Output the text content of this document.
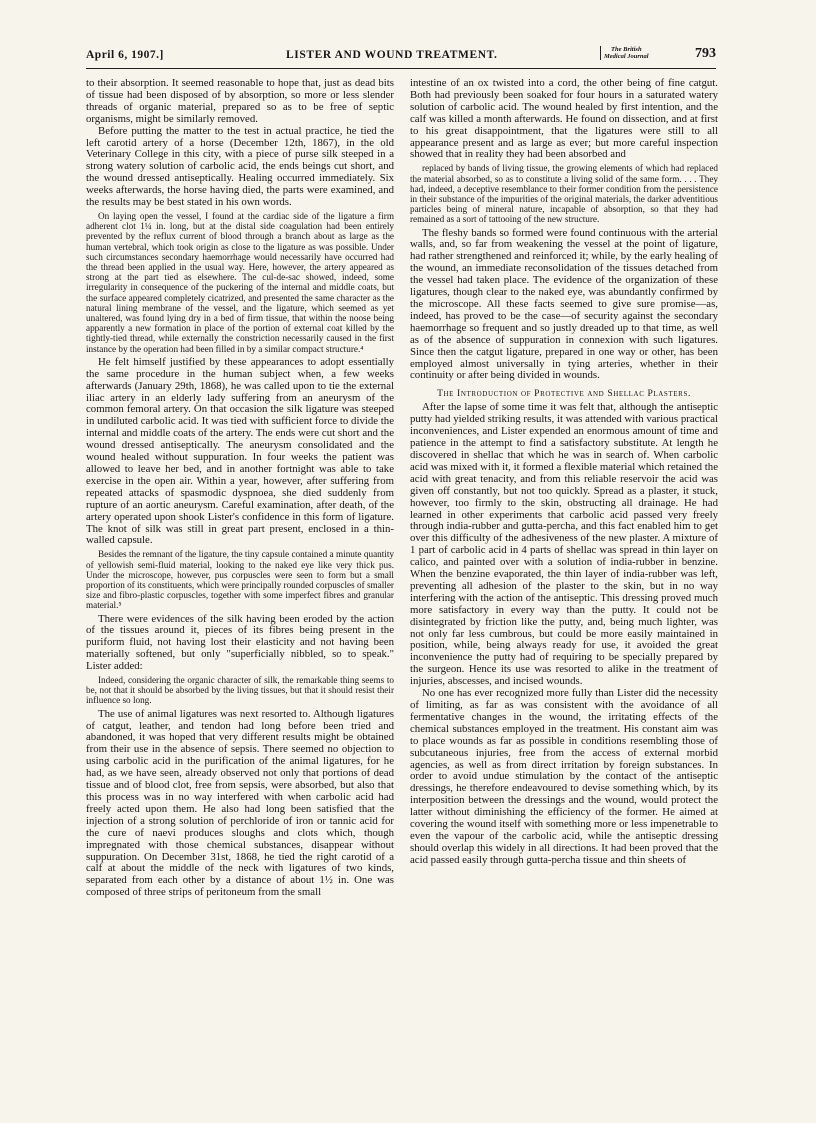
April 6, 1907.]	LISTER AND WOUND TREATMENT.	The British
Medical Journal	793

to their absorption. It seemed reasonable to hope that, just as dead bits of tissue had been disposed of by absorption, so more or less slender threads of organic material, prepared so as to be free of septic organisms, might be similarly removed.

Before putting the matter to the test in actual practice, he tied the left carotid artery of a horse (December 12th, 1867), in the old Veterinary College in this city, with a piece of purse silk steeped in a strong watery solution of carbolic acid, the ends beings cut short, and the wound dressed antiseptically. Healing occurred immediately. Six weeks afterwards, the horse having died, the parts were examined, and the results may be best stated in his own words.

On laying open the vessel, I found at the cardiac side of the ligature a firm adherent clot 1¼ in. long, but at the distal side coagulation had been entirely prevented by the reflux current of blood through a branch about as large as the human vertebral, which took origin as close to the ligature as was possible. Under such circumstances secondary haemorrhage would necessarily have occurred had the thread been applied in the usual way. Here, however, the artery appeared as strong at the part tied as elsewhere. The cul-de-sac showed, indeed, some irregularity in consequence of the puckering of the internal and middle coats, but the surface appeared completely cicatrized, and presented the same character as the natural lining membrane of the vessel, and the ligature, which seemed as yet unaltered, was found lying dry in a bed of firm tissue, that within the noose being apparently a new formation in place of the portion of external coat killed by the tightly-tied thread, while externally the constriction necessarily caused in the first instance by the operation had been filled in by a similar compact structure.⁴

He felt himself justified by these appearances to adopt essentially the same procedure in the human subject when, a few weeks afterwards (January 29th, 1868), he was called upon to tie the external iliac artery in an elderly lady suffering from an aneurysm of the common femoral artery. On that occasion the silk ligature was steeped in undiluted carbolic acid. It was tied with sufficient force to divide the internal and middle coats of the artery. The ends were cut short and the wound dressed antiseptically. The aneurysm consolidated and the wound healed without suppuration. In four weeks the patient was allowed to leave her bed, and in another fortnight was able to take exercise in the open air. Within a year, however, after suffering from repeated attacks of spasmodic dyspnoea, she died suddenly from rupture of an aortic aneurysm. Careful examination, after death, of the artery operated upon shook Lister's confidence in this form of ligature. The knot of silk was still in great part present, enclosed in a thin-walled capsule.

Besides the remnant of the ligature, the tiny capsule contained a minute quantity of yellowish semi-fluid material, looking to the naked eye like very thick pus. Under the microscope, however, pus corpuscles were seen to form but a small proportion of its constituents, which were principally rounded corpuscles of smaller size and fibro-plastic corpuscles, together with some imperfect fibres and granular material.⁵

There were evidences of the silk having been eroded by the action of the tissues around it, pieces of its fibres being present in the puriform fluid, not having lost their elasticity and not having been materially softened, but only "superficially nibbled, so to speak." Lister added:

Indeed, considering the organic character of silk, the remarkable thing seems to be, not that it should be absorbed by the living tissues, but that it should resist their influence so long.

The use of animal ligatures was next resorted to. Although ligatures of catgut, leather, and tendon had long before been tried and abandoned, it was hoped that very different results might be obtained from their use in the absence of sepsis. There seemed no objection to using carbolic acid in the purification of the animal ligatures, for he had, as we have seen, already observed not only that portions of dead tissue and of blood clot, free from sepsis, were absorbed, but also that this process was in no way interfered with when carbolic acid had freely acted upon them. He also had long been satisfied that the injection of a strong solution of perchloride of iron or tannic acid for the cure of naevi produces sloughs and clots which, though impregnated with those chemical substances, disappear without suppuration. On December 31st, 1868, he tied the right carotid of a calf at about the middle of the neck with ligatures of two kinds, separated from each other by a distance of about 1½ in. One was composed of three strips of peritoneum from the small

intestine of an ox twisted into a cord, the other being of fine catgut. Both had previously been soaked for four hours in a saturated watery solution of carbolic acid. The wound healed by first intention, and the calf was killed a month afterwards. He found on dissection, and at first to his great disappointment, that the ligatures were still to all appearance present and as large as ever; but more careful inspection showed that in reality they had been absorbed and

replaced by bands of living tissue, the growing elements of which had replaced the material absorbed, so as to constitute a living solid of the same form. . . . They had, indeed, a deceptive resemblance to their former condition from the persistence in their substance of the impurities of the original materials, the darker adventitious particles being of mineral nature, incapable of absorption, so that they had remained as a sort of tattooing of the new structure.

The fleshy bands so formed were found continuous with the arterial walls, and, so far from weakening the vessel at the point of ligature, had rather strengthened and reinforced it; while, by the early healing of the wound, an immediate reconsolidation of the tissues detached from the vessel had taken place. The evidence of the organization of these ligatures, though clear to the naked eye, was abundantly confirmed by the microscope. All these facts seemed to give sure promise—as, indeed, has proved to be the case—of security against the secondary haemorrhage so frequent and so justly dreaded up to that time, as well as of the absence of suppuration in connexion with such ligatures. Since then the catgut ligature, prepared in one way or other, has been employed almost universally in tying arteries, whether in their continuity or after being divided in wounds.

The Introduction of Protective and Shellac Plasters.

After the lapse of some time it was felt that, although the antiseptic putty had yielded striking results, it was attended with various practical inconveniences, and Lister expended an enormous amount of time and patience in the attempt to find a satisfactory substitute. At length he discovered in shellac that which he was in search of. When carbolic acid was mixed with it, it formed a flexible material which retained the acid with great tenacity, and from this reliable reservoir the acid was given off constantly, but not too quickly. Spread as a plaster, it stuck, however, too firmly to the skin, obstructing all drainage. He had learned in other experiments that carbolic acid passed very freely through india-rubber and gutta-percha, and this fact enabled him to get over this difficulty of the adhesiveness of the new plaster. A mixture of 1 part of carbolic acid in 4 parts of shellac was spread in thin layer on calico, and painted over with a solution of india-rubber in benzine. When the benzine evaporated, the thin layer of india-rubber was left, preventing all adhesion of the plaster to the skin, but in no way interfering with the action of the antiseptic. This dressing proved much more satisfactory in every way than the putty. It could not be disintegrated by friction like the putty, and, being much lighter, was not only far less cumbrous, but could be more easily maintained in position, while, being always ready for use, it avoided the great inconvenience the putty had of requiring to be specially prepared by the surgeon. Hence its use was resorted to alike in the treatment of injuries, abscesses, and incised wounds.

No one has ever recognized more fully than Lister did the necessity of limiting, as far as was consistent with the avoidance of all fermentative changes in the wound, the irritating effects of the chemical substances employed in the treatment. His constant aim was to place wounds as far as possible in conditions resembling those of subcutaneous injuries, free from the access of external morbid agencies, as well as from direct irritation by foreign substances. In order to avoid undue stimulation by the contact of the antiseptic dressings, he therefore endeavoured to devise something which, by its interposition between the dressings and the wound, would protect the latter without diminishing the efficiency of the former. He aimed at covering the wound itself with something more or less impenetrable to even the vapour of the carbolic acid, while the antiseptic dressing should overlap this widely in all directions. It had been proved that the acid passed easily through gutta-percha tissue and thin sheets of
